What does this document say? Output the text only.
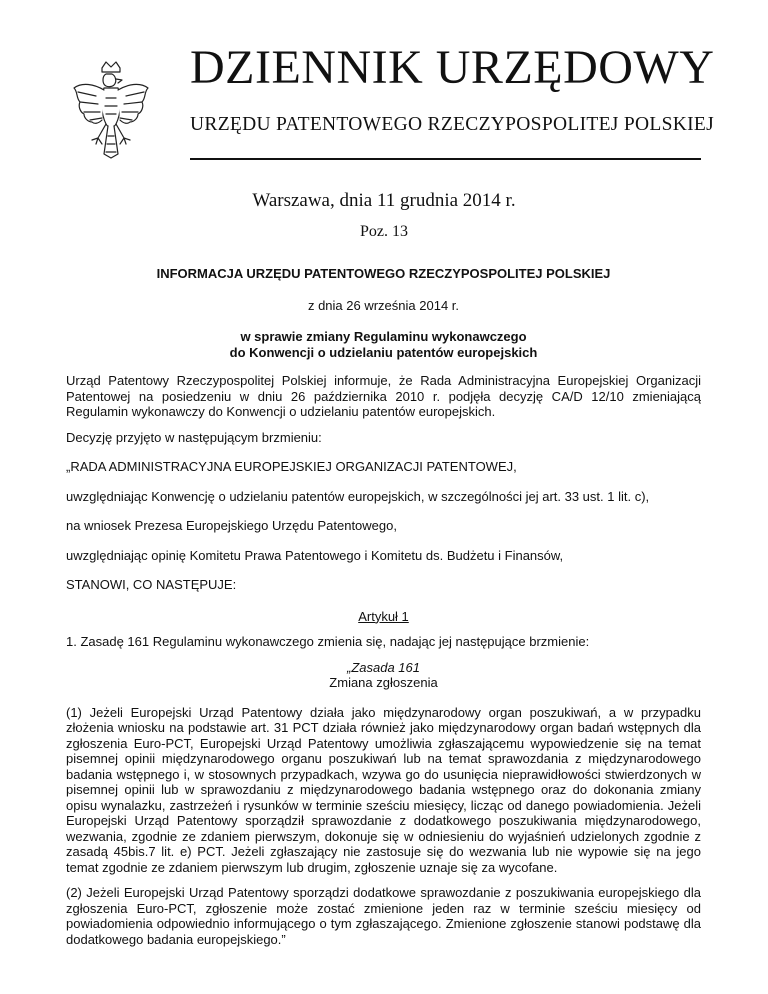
DZIENNIK URZĘDOWY
URZĘDU PATENTOWEGO RZECZYPOSPOLITEJ POLSKIEJ
Warszawa, dnia 11 grudnia 2014 r.
Poz. 13

INFORMACJA URZĘDU PATENTOWEGO RZECZYPOSPOLITEJ POLSKIEJ

z dnia 26 września 2014 r.

w sprawie zmiany Regulaminu wykonawczego

do Konwencji o udzielaniu patentów europejskich

Urząd Patentowy Rzeczypospolitej Polskiej informuje, że Rada Administracyjna Europejskiej Organizacji Patentowej na posiedzeniu w dniu 26 października 2010 r. podjęła decyzję CA/D 12/10 zmieniającą Regulamin wykonawczy do Konwencji o udzielaniu patentów europejskich.

Decyzję przyjęto w następującym brzmieniu:

„RADA ADMINISTRACYJNA EUROPEJSKIEJ ORGANIZACJI PATENTOWEJ,

uwzględniając Konwencję o udzielaniu patentów europejskich, w szczególności jej art. 33 ust. 1 lit. c),

na wniosek Prezesa Europejskiego Urzędu Patentowego,

uwzględniając opinię Komitetu Prawa Patentowego i Komitetu ds. Budżetu i Finansów,

STANOWI, CO NASTĘPUJE:

Artykuł 1

1. Zasadę 161 Regulaminu wykonawczego zmienia się, nadając jej następujące brzmienie:

„Zasada 161

Zmiana zgłoszenia

(1) Jeżeli Europejski Urząd Patentowy działa jako międzynarodowy organ poszukiwań, a w przypadku złożenia wniosku na podstawie art. 31 PCT działa również jako międzynarodowy organ badań wstępnych dla zgłoszenia Euro-PCT, Europejski Urząd Patentowy umożliwia zgłaszającemu wypowiedzenie się na temat pisemnej opinii międzynarodowego organu poszukiwań lub na temat sprawozdania z międzynarodowego badania wstępnego i, w stosownych przypadkach, wzywa go do usunięcia nieprawidłowości stwierdzonych w pisemnej opinii lub w sprawozdaniu z międzynarodowego badania wstępnego oraz do dokonania zmiany opisu wynalazku, zastrzeżeń i rysunków w terminie sześciu miesięcy, licząc od danego powiadomienia. Jeżeli Europejski Urząd Patentowy sporządził sprawozdanie z dodatkowego poszukiwania międzynarodowego, wezwania, zgodnie ze zdaniem pierwszym, dokonuje się w odniesieniu do wyjaśnień udzielonych zgodnie z zasadą 45bis.7 lit. e) PCT. Jeżeli zgłaszający nie zastosuje się do wezwania lub nie wypowie się na jego temat zgodnie ze zdaniem pierwszym lub drugim, zgłoszenie uznaje się za wycofane.

(2) Jeżeli Europejski Urząd Patentowy sporządzi dodatkowe sprawozdanie z poszukiwania europejskiego dla zgłoszenia Euro-PCT, zgłoszenie może zostać zmienione jeden raz w terminie sześciu miesięcy od powiadomienia odpowiednio informującego o tym zgłaszającego. Zmienione zgłoszenie stanowi podstawę dla dodatkowego badania europejskiego.”
